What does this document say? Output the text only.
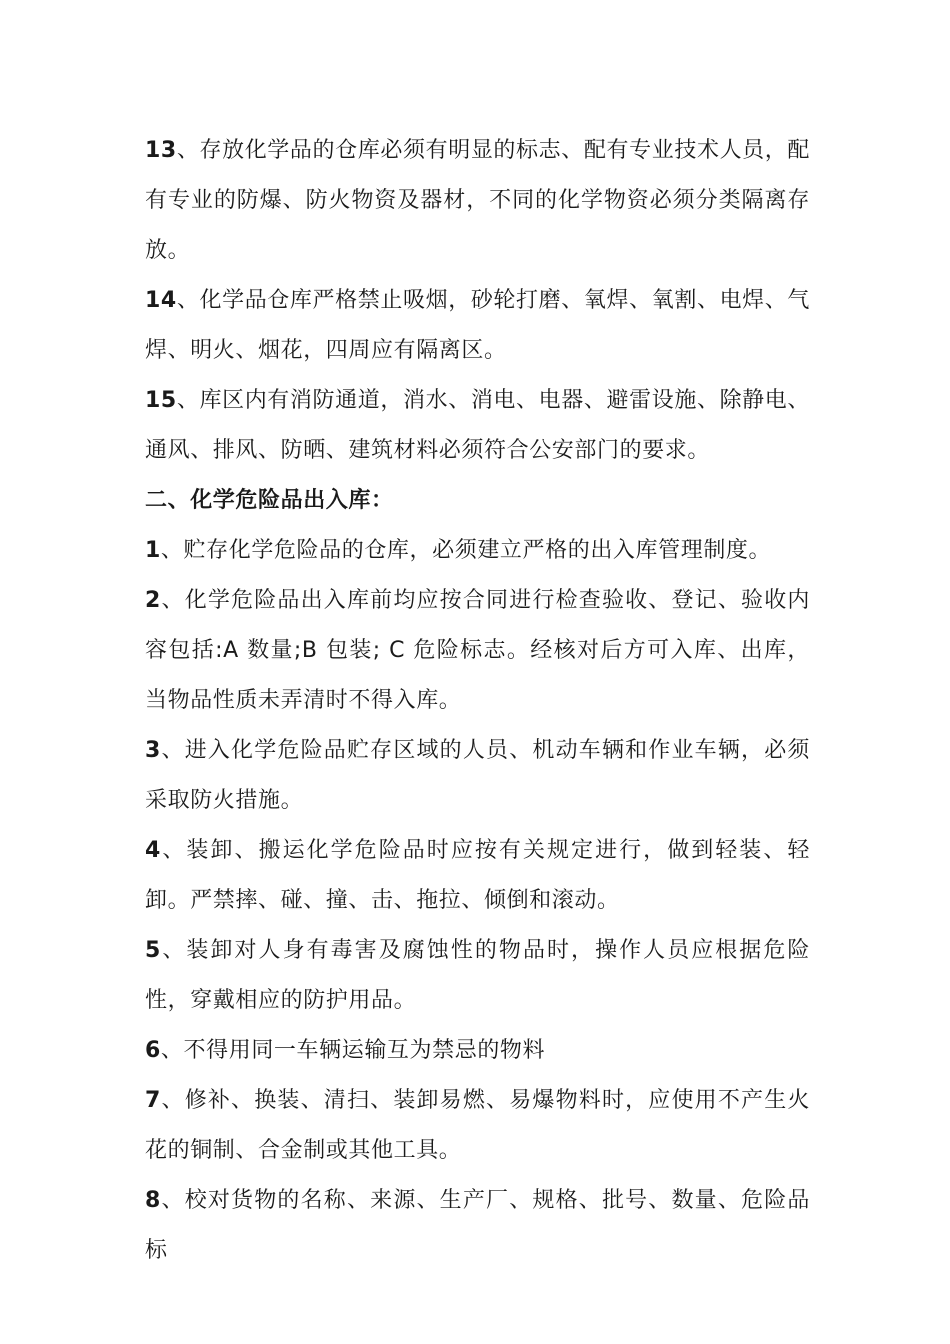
13、存放化学品的仓库必须有明显的标志、配有专业技术人员，配有专业的防爆、防火物资及器材，不同的化学物资必须分类隔离存放。

14、化学品仓库严格禁止吸烟，砂轮打磨、氧焊、氧割、电焊、气焊、明火、烟花，四周应有隔离区。

15、库区内有消防通道，消水、消电、电器、避雷设施、除静电、通风、排风、防晒、建筑材料必须符合公安部门的要求。

二、化学危险品出入库：

1、贮存化学危险品的仓库，必须建立严格的出入库管理制度。

2、化学危险品出入库前均应按合同进行检查验收、登记、验收内容包括:A 数量;B 包装; C 危险标志。经核对后方可入库、出库，当物品性质未弄清时不得入库。

3、进入化学危险品贮存区域的人员、机动车辆和作业车辆，必须采取防火措施。

4、装卸、搬运化学危险品时应按有关规定进行，做到轻装、轻卸。严禁摔、碰、撞、击、拖拉、倾倒和滚动。

5、装卸对人身有毒害及腐蚀性的物品时，操作人员应根据危险性，穿戴相应的防护用品。

6、不得用同一车辆运输互为禁忌的物料

7、修补、换装、清扫、装卸易燃、易爆物料时，应使用不产生火花的铜制、合金制或其他工具。

8、校对货物的名称、来源、生产厂、规格、批号、数量、危险品标
